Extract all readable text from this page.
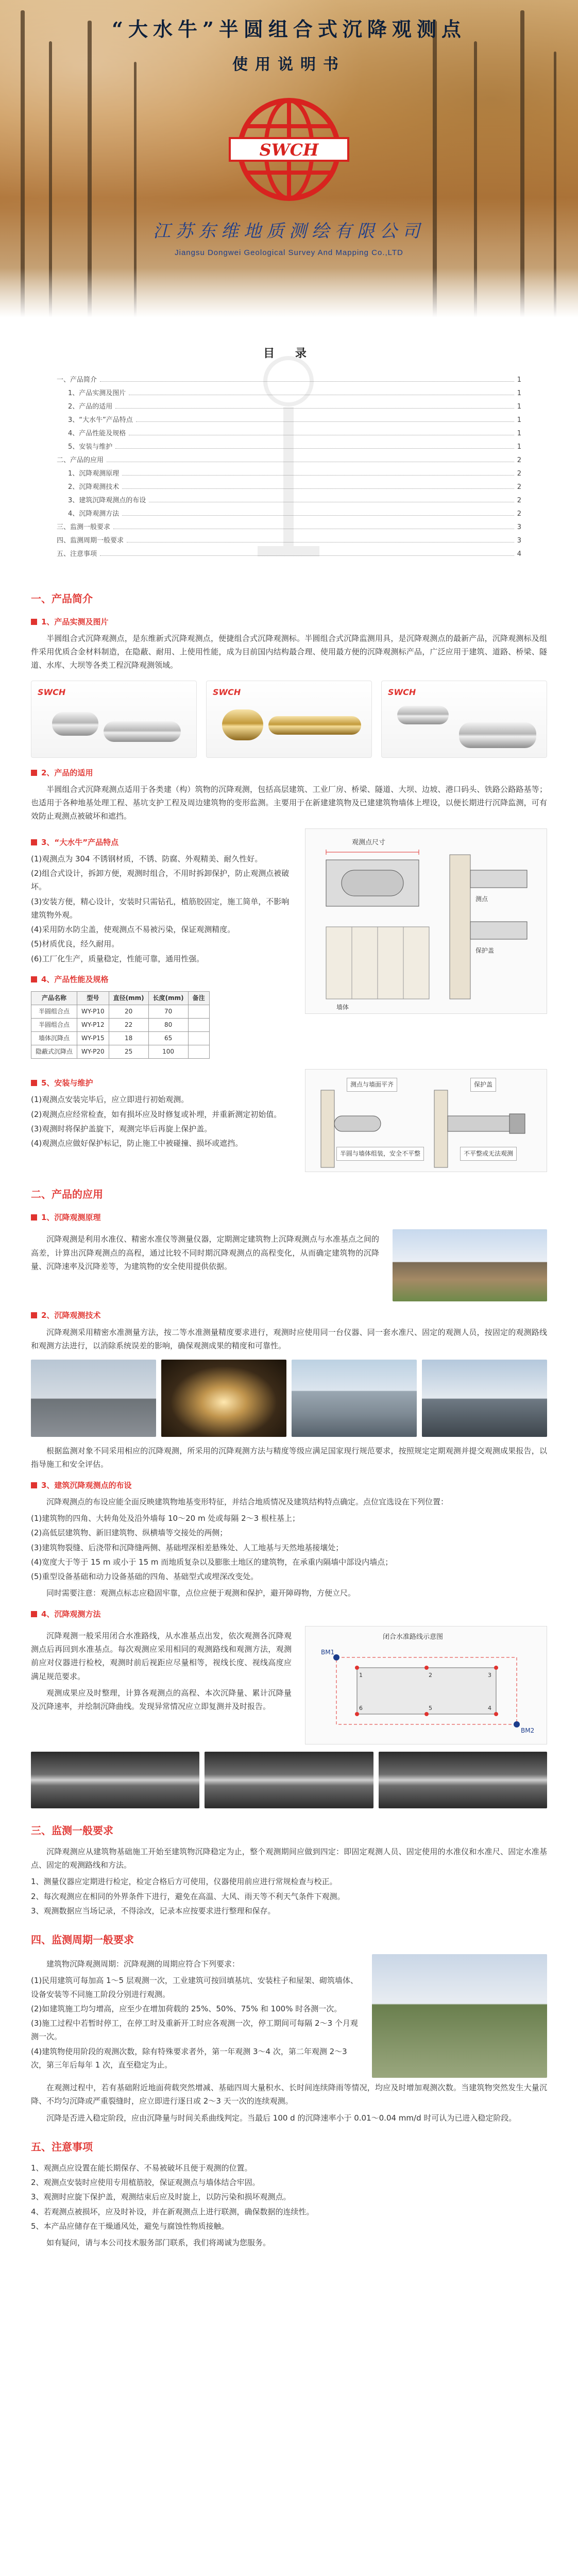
“大水牛”半圆组合式沉降观测点
使用说明书
SWCH
江苏东维地质测绘有限公司
Jiangsu Dongwei Geological Survey And Mapping Co.,LTD
目 录
一、产品简介	1
1、产品实测及图片	1
2、产品的适用	1
3、“大水牛”产品特点	1
4、产品性能及规格	1
5、安装与维护	1
二、产品的应用	2
1、沉降观测原理	2
2、沉降观测技术	2
3、建筑沉降观测点的布设	2
4、沉降观测方法	2
三、监测一般要求	3
四、监测周期一般要求	3
五、注意事项	4
一、产品简介
1、产品实测及图片

半圆组合式沉降观测点，是东维新式沉降观测点，便捷组合式沉降观测标。半圆组合式沉降监测用具，是沉降观测点的最新产品，沉降观测标及组件采用优质合金材料制造，在隐蔽、耐用、上使用性能，成为目前国内结构最合理、使用最方便的沉降观测标产品，广泛应用于建筑、道路、桥梁、隧道、水库、大坝等各类工程沉降观测领域。

SWCH	SWCH	SWCH
2、产品的适用

半圆组合式沉降观测点适用于各类建（构）筑物的沉降观测，包括高层建筑、工业厂房、桥梁、隧道、大坝、边坡、港口码头、铁路公路路基等；也适用于各种地基处理工程、基坑支护工程及周边建筑物的变形监测。主要用于在新建建筑物及已建建筑物墙体上埋设，以便长期进行沉降监测，可有效防止观测点被破坏和遮挡。

3、“大水牛”产品特点

(1)观测点为 304 不锈钢材质，不锈、防腐、外观精美、耐久性好。

(2)组合式设计，拆卸方便，观测时组合，不用时拆卸保护，防止观测点被破坏。

(3)安装方便，精心设计，安装时只需钻孔，植筋胶固定，施工简单，不影响建筑物外观。

(4)采用防水防尘盖，使观测点不易被污染，保证观测精度。

(5)材质优良，经久耐用。

(6)工厂化生产，质量稳定，性能可靠，通用性强。

4、产品性能及规格
产品名称	型号	直径(mm)	长度(mm)	备注
半圆组合点	WY-P10	20	70	
半圆组合点	WY-P12	22	80	
墙体沉降点	WY-P15	18	65	
隐蔽式沉降点	WY-P20	25	100	
观测点尺寸
墙体
测点
保护盖
5、安装与维护

(1)观测点安装完毕后，应立即进行初始观测。

(2)观测点应经常检查，如有损坏应及时修复或补埋，并重新测定初始值。

(3)观测时将保护盖旋下，观测完毕后再旋上保护盖。

(4)观测点应做好保护标记，防止施工中被碰撞、损坏或遮挡。

测点与墙面平齐	保护盖
半圆与墙体组装，安全不平整	不平整或无法观测
二、产品的应用
1、沉降观测原理

沉降观测是利用水准仪、精密水准仪等测量仪器，定期测定建筑物上沉降观测点与水准基点之间的高差，计算出沉降观测点的高程，通过比较不同时期沉降观测点的高程变化，从而确定建筑物的沉降量、沉降速率及沉降差等，为建筑物的安全使用提供依据。

2、沉降观测技术

沉降观测采用精密水准测量方法，按二等水准测量精度要求进行，观测时应使用同一台仪器、同一套水准尺、固定的观测人员，按固定的观测路线和观测方法进行，以消除系统误差的影响，确保观测成果的精度和可靠性。

根据监测对象不同采用相应的沉降观测，所采用的沉降观测方法与精度等级应满足国家现行规范要求，按照规定定期观测并提交观测成果报告，以指导施工和安全评估。

3、建筑沉降观测点的布设

沉降观测点的布设应能全面反映建筑物地基变形特征，并结合地质情况及建筑结构特点确定。点位宜选设在下列位置：

(1)建筑物的四角、大转角处及沿外墙每 10～20 m 处或每隔 2～3 根柱基上；

(2)高低层建筑物、新旧建筑物、纵横墙等交接处的两侧；

(3)建筑物裂缝、后浇带和沉降缝两侧、基础埋深相差悬殊处、人工地基与天然地基接壤处；

(4)宽度大于等于 15 m 或小于 15 m 而地质复杂以及膨胀土地区的建筑物，在承重内隔墙中部设内墙点；

(5)重型设备基础和动力设备基础的四角、基础型式或埋深改变处。

同时需要注意：观测点标志应稳固牢靠，点位应便于观测和保护，避开障碍物，方便立尺。

4、沉降观测方法

沉降观测一般采用闭合水准路线，从水准基点出发，依次观测各沉降观测点后再回到水准基点。每次观测应采用相同的观测路线和观测方法，观测前应对仪器进行检校，观测时前后视距应尽量相等，视线长度、视线高度应满足规范要求。

观测成果应及时整理，计算各观测点的高程、本次沉降量、累计沉降量及沉降速率，并绘制沉降曲线。发现异常情况应立即复测并及时报告。

闭合水准路线示意图
BM1
BM2
1	2	3
4
5
6
三、监测一般要求

沉降观测应从建筑物基础施工开始至建筑物沉降稳定为止，整个观测期间应做到四定：即固定观测人员、固定使用的水准仪和水准尺、固定水准基点、固定的观测路线和方法。

1、测量仪器应定期进行检定，检定合格后方可使用，仪器使用前应进行常规检查与校正。

2、每次观测应在相同的外界条件下进行，避免在高温、大风、雨天等不利天气条件下观测。

3、观测数据应当场记录，不得涂改，记录本应按要求进行整理和保存。

四、监测周期一般要求

建筑物沉降观测周期：沉降观测的周期应符合下列要求：

(1)民用建筑可每加高 1～5 层观测一次，工业建筑可按回填基坑、安装柱子和屋架、砌筑墙体、设备安装等不同施工阶段分别进行观测。

(2)如建筑施工均匀增高，应至少在增加荷载的 25%、50%、75% 和 100% 时各测一次。

(3)施工过程中若暂时停工，在停工时及重新开工时应各观测一次，停工期间可每隔 2～3 个月观测一次。

(4)建筑物使用阶段的观测次数，除有特殊要求者外，第一年观测 3～4 次，第二年观测 2～3 次，第三年后每年 1 次，直至稳定为止。

在观测过程中，若有基础附近地面荷载突然增减、基础四周大量积水、长时间连续降雨等情况，均应及时增加观测次数。当建筑物突然发生大量沉降、不均匀沉降或严重裂缝时，应立即进行逐日或 2～3 天一次的连续观测。

沉降是否进入稳定阶段，应由沉降量与时间关系曲线判定。当最后 100 d 的沉降速率小于 0.01～0.04 mm/d 时可认为已进入稳定阶段。

五、注意事项

1、观测点应设置在能长期保存、不易被破坏且便于观测的位置。

2、观测点安装时应使用专用植筋胶，保证观测点与墙体结合牢固。

3、观测时应旋下保护盖，观测结束后应及时旋上，以防污染和损坏观测点。

4、若观测点被损坏，应及时补设，并在新观测点上进行联测，确保数据的连续性。

5、本产品应储存在干燥通风处，避免与腐蚀性物质接触。

如有疑问，请与本公司技术服务部门联系，我们将竭诚为您服务。
